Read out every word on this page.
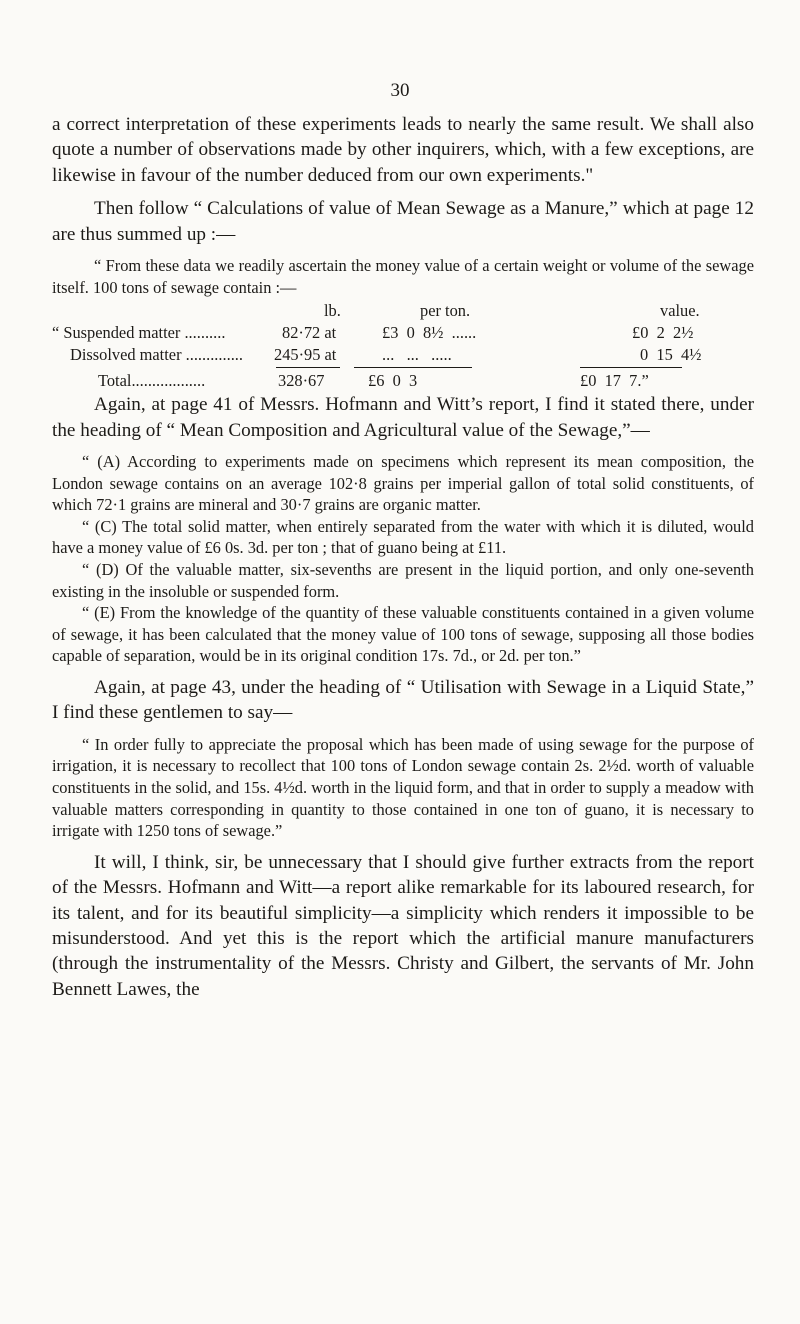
30

a correct interpretation of these experiments leads to nearly the same result. We shall also quote a number of observations made by other inquirers, which, with a few exceptions, are likewise in favour of the number deduced from our own experiments."

Then follow “ Calculations of value of Mean Sewage as a Manure,” which at page 12 are thus summed up :—

“ From these data we readily ascertain the money value of a certain weight or volume of the sewage itself. 100 tons of sewage contain :—

lb.	per ton.	value.
“ Suspended matter ..........	82·72 at	£3  0  8½  ......	£0  2  2½
Dissolved matter .............. 245·95 at	...   ...   .....	0  15  4½
Total..................	328·67	£6  0  3	£0  17  7.”

Again, at page 41 of Messrs. Hofmann and Witt’s report, I find it stated there, under the heading of “ Mean Composition and Agricultural value of the Sewage,”—

“ (A) According to experiments made on specimens which represent its mean composition, the London sewage contains on an average 102·8 grains per imperial gallon of total solid constituents, of which 72·1 grains are mineral and 30·7 grains are organic matter.

“ (C) The total solid matter, when entirely separated from the water with which it is diluted, would have a money value of £6 0s. 3d. per ton ; that of guano being at £11.

“ (D) Of the valuable matter, six-sevenths are present in the liquid portion, and only one-seventh existing in the insoluble or suspended form.

“ (E) From the knowledge of the quantity of these valuable constituents contained in a given volume of sewage, it has been calculated that the money value of 100 tons of sewage, supposing all those bodies capable of separation, would be in its original condition 17s. 7d., or 2d. per ton.”

Again, at page 43, under the heading of “ Utilisation with Sewage in a Liquid State,” I find these gentlemen to say—

“ In order fully to appreciate the proposal which has been made of using sewage for the purpose of irrigation, it is necessary to recollect that 100 tons of London sewage contain 2s. 2½d. worth of valuable constituents in the solid, and 15s. 4½d. worth in the liquid form, and that in order to supply a meadow with valuable matters corresponding in quantity to those contained in one ton of guano, it is necessary to irrigate with 1250 tons of sewage.”

It will, I think, sir, be unnecessary that I should give further extracts from the report of the Messrs. Hofmann and Witt—a report alike remarkable for its laboured research, for its talent, and for its beautiful simplicity—a simplicity which renders it impossible to be misunderstood. And yet this is the report which the artificial manure manufacturers (through the instrumentality of the Messrs. Christy and Gilbert, the servants of Mr. John Bennett Lawes, the
